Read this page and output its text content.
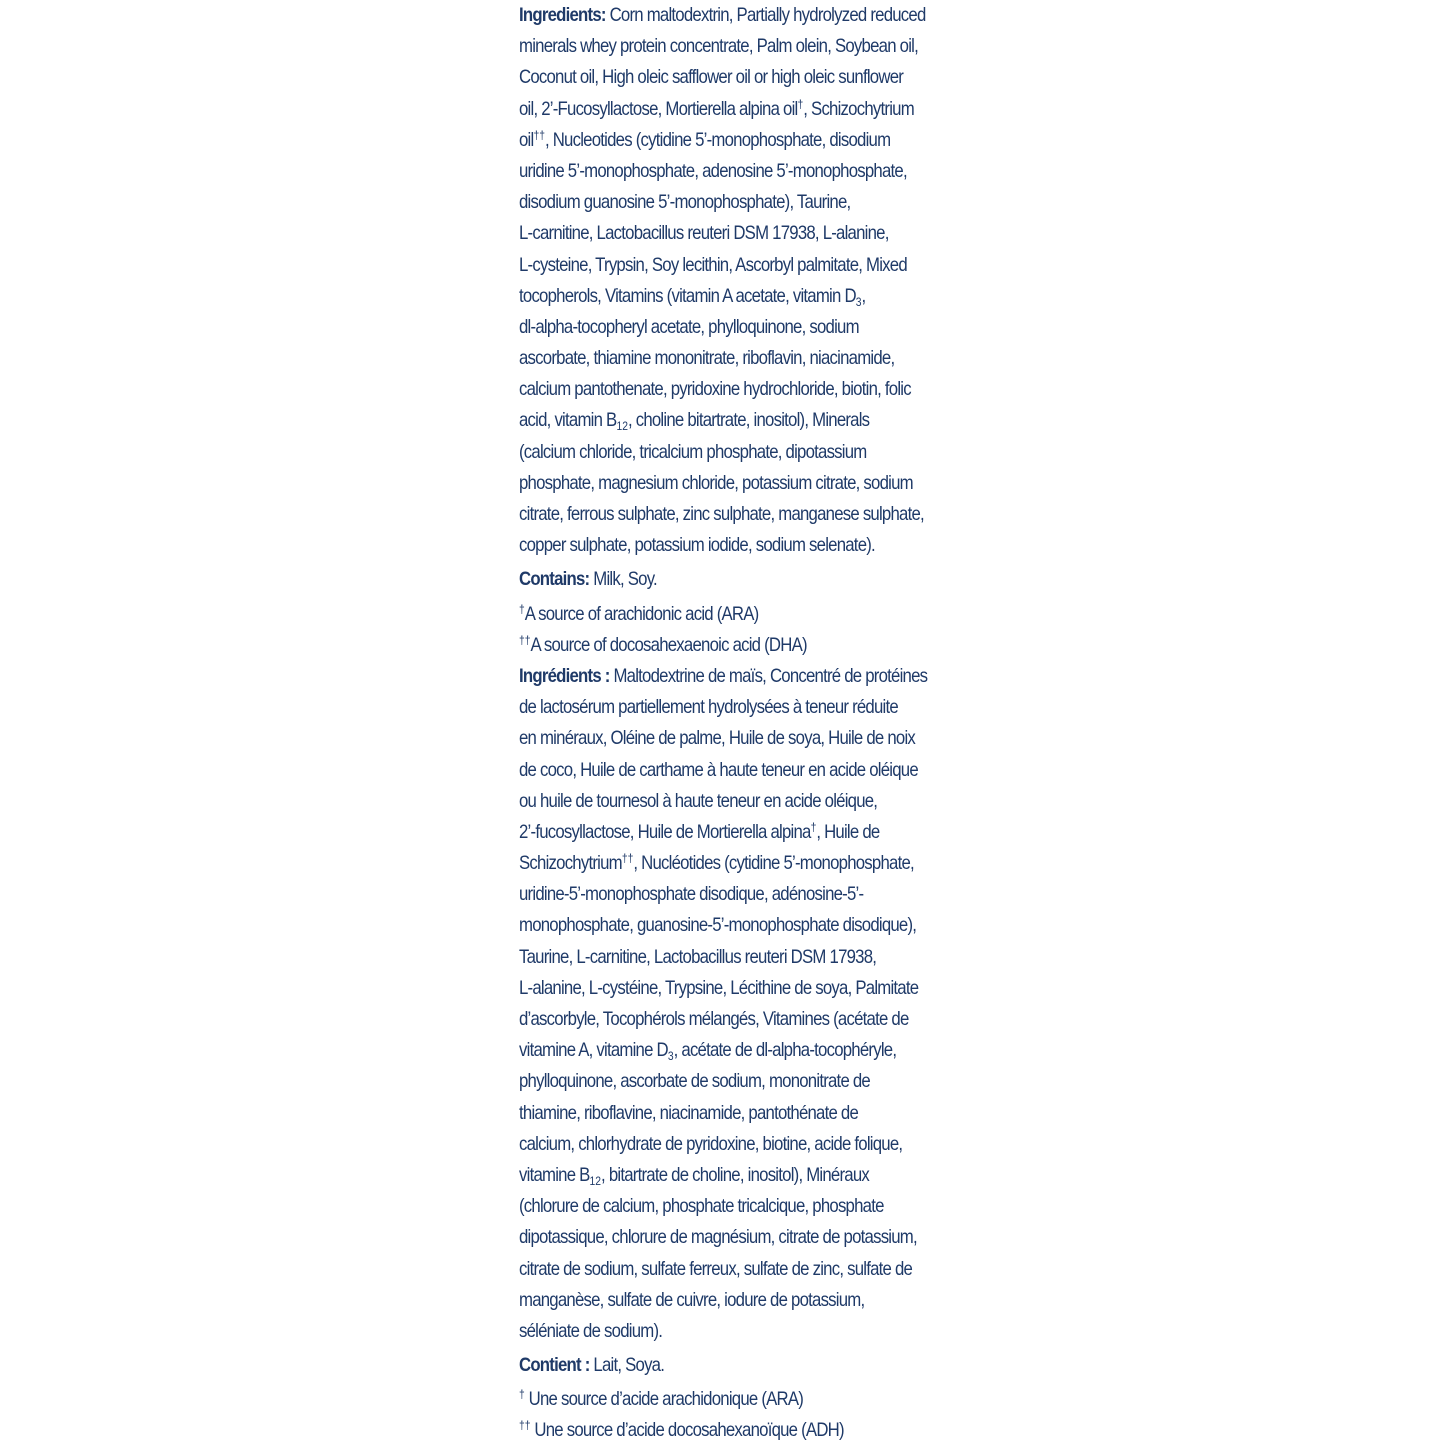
Ingredients: Corn maltodextrin, Partially hydrolyzed reduced
minerals whey protein concentrate, Palm olein, Soybean oil,
Coconut oil, High oleic safflower oil or high oleic sunflower
oil, 2’-Fucosyllactose, Mortierella alpina oil†, Schizochytrium
oil††, Nucleotides (cytidine 5’-monophosphate, disodium
uridine 5’-monophosphate, adenosine 5’-monophosphate,
disodium guanosine 5’-monophosphate), Taurine,
L-carnitine, Lactobacillus reuteri DSM 17938, L-alanine,
L-cysteine, Trypsin, Soy lecithin, Ascorbyl palmitate, Mixed
tocopherols, Vitamins (vitamin A acetate, vitamin $D_3$,
dl-alpha-tocopheryl acetate, phylloquinone, sodium
ascorbate, thiamine mononitrate, riboflavin, niacinamide,
calcium pantothenate, pyridoxine hydrochloride, biotin, folic
acid, vitamin $B_{12}$, choline bitartrate, inositol), Minerals
(calcium chloride, tricalcium phosphate, dipotassium
phosphate, magnesium chloride, potassium citrate, sodium
citrate, ferrous sulphate, zinc sulphate, manganese sulphate,
copper sulphate, potassium iodide, sodium selenate).
Contains: Milk, Soy.
†A source of arachidonic acid (ARA)
††A source of docosahexaenoic acid (DHA)
Ingrédients : Maltodextrine de maïs, Concentré de protéines
de lactosérum partiellement hydrolysées à teneur réduite
en minéraux, Oléine de palme, Huile de soya, Huile de noix
de coco, Huile de carthame à haute teneur en acide oléique
ou huile de tournesol à haute teneur en acide oléique,
2’-fucosyllactose, Huile de Mortierella alpina†, Huile de
Schizochytrium††, Nucléotides (cytidine 5’-monophosphate,
uridine-5’-monophosphate disodique, adénosine-5’-
monophosphate, guanosine-5’-monophosphate disodique),
Taurine, L-carnitine, Lactobacillus reuteri DSM 17938,
L-alanine, L-cystéine, Trypsine, Lécithine de soya, Palmitate
d’ascorbyle, Tocophérols mélangés, Vitamines (acétate de
vitamine A, vitamine $D_3$, acétate de dl-alpha-tocophéryle,
phylloquinone, ascorbate de sodium, mononitrate de
thiamine, riboflavine, niacinamide, pantothénate de
calcium, chlorhydrate de pyridoxine, biotine, acide folique,
vitamine $B_{12}$, bitartrate de choline, inositol), Minéraux
(chlorure de calcium, phosphate tricalcique, phosphate
dipotassique, chlorure de magnésium, citrate de potassium,
citrate de sodium, sulfate ferreux, sulfate de zinc, sulfate de
manganèse, sulfate de cuivre, iodure de potassium,
séléniate de sodium).
Contient : Lait, Soya.
† Une source d’acide arachidonique (ARA)
†† Une source d’acide docosahexanoïque (ADH)
